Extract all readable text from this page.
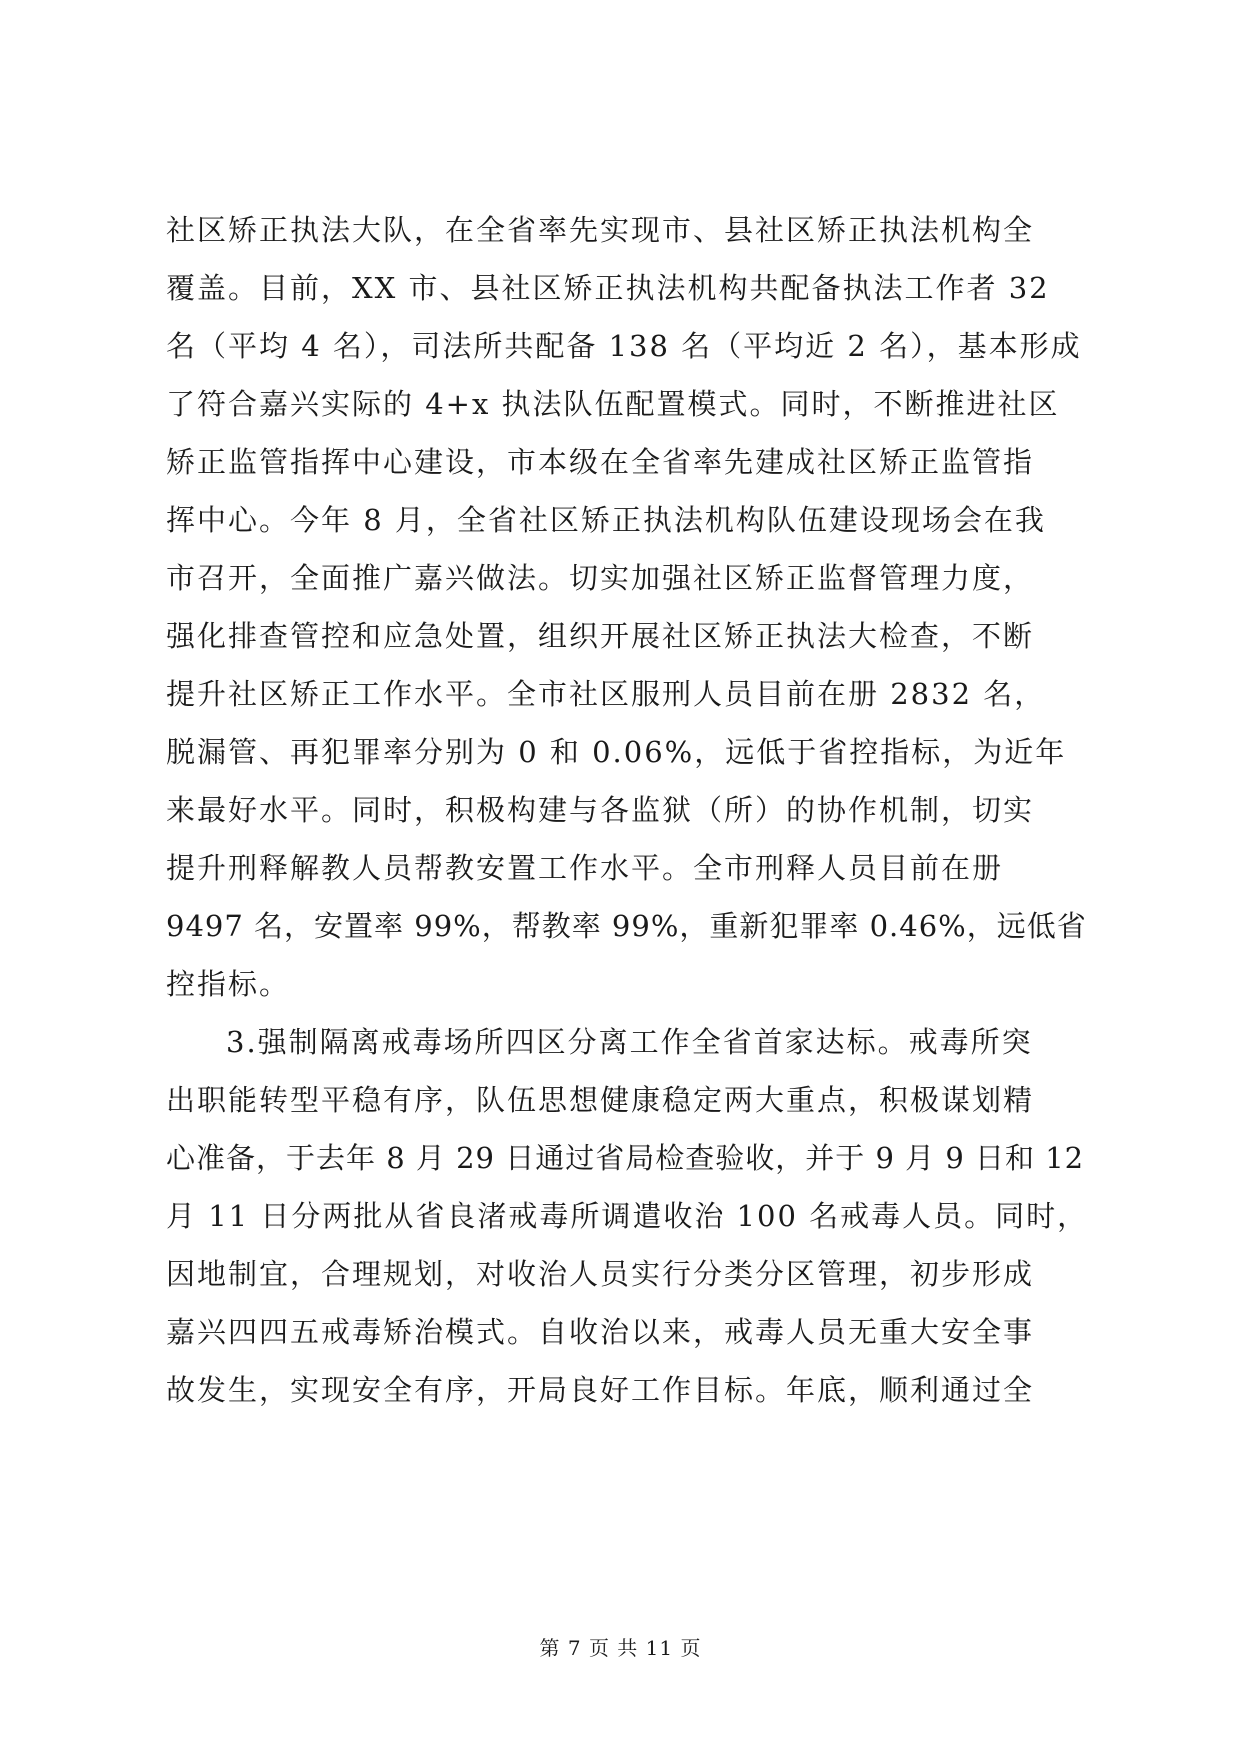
社区矫正执法大队，在全省率先实现市、县社区矫正执法机构全
覆盖。目前，XX 市、县社区矫正执法机构共配备执法工作者 32
名（平均 4 名），司法所共配备 138 名（平均近 2 名），基本形成
了符合嘉兴实际的 4+x 执法队伍配置模式。同时，不断推进社区
矫正监管指挥中心建设，市本级在全省率先建成社区矫正监管指
挥中心。今年 8 月，全省社区矫正执法机构队伍建设现场会在我
市召开，全面推广嘉兴做法。切实加强社区矫正监督管理力度，
强化排查管控和应急处置，组织开展社区矫正执法大检查，不断
提升社区矫正工作水平。全市社区服刑人员目前在册 2832 名，
脱漏管、再犯罪率分别为 0 和 0.06%，远低于省控指标，为近年
来最好水平。同时，积极构建与各监狱（所）的协作机制，切实
提升刑释解教人员帮教安置工作水平。全市刑释人员目前在册
9497 名，安置率 99%，帮教率 99%，重新犯罪率 0.46%，远低省
控指标。
3.强制隔离戒毒场所四区分离工作全省首家达标。戒毒所突
出职能转型平稳有序，队伍思想健康稳定两大重点，积极谋划精
心准备，于去年 8 月 29 日通过省局检查验收，并于 9 月 9 日和 12
月 11 日分两批从省良渚戒毒所调遣收治 100 名戒毒人员。同时，
因地制宜，合理规划，对收治人员实行分类分区管理，初步形成
嘉兴四四五戒毒矫治模式。自收治以来，戒毒人员无重大安全事
故发生，实现安全有序，开局良好工作目标。年底，顺利通过全
第 7 页 共 11 页
